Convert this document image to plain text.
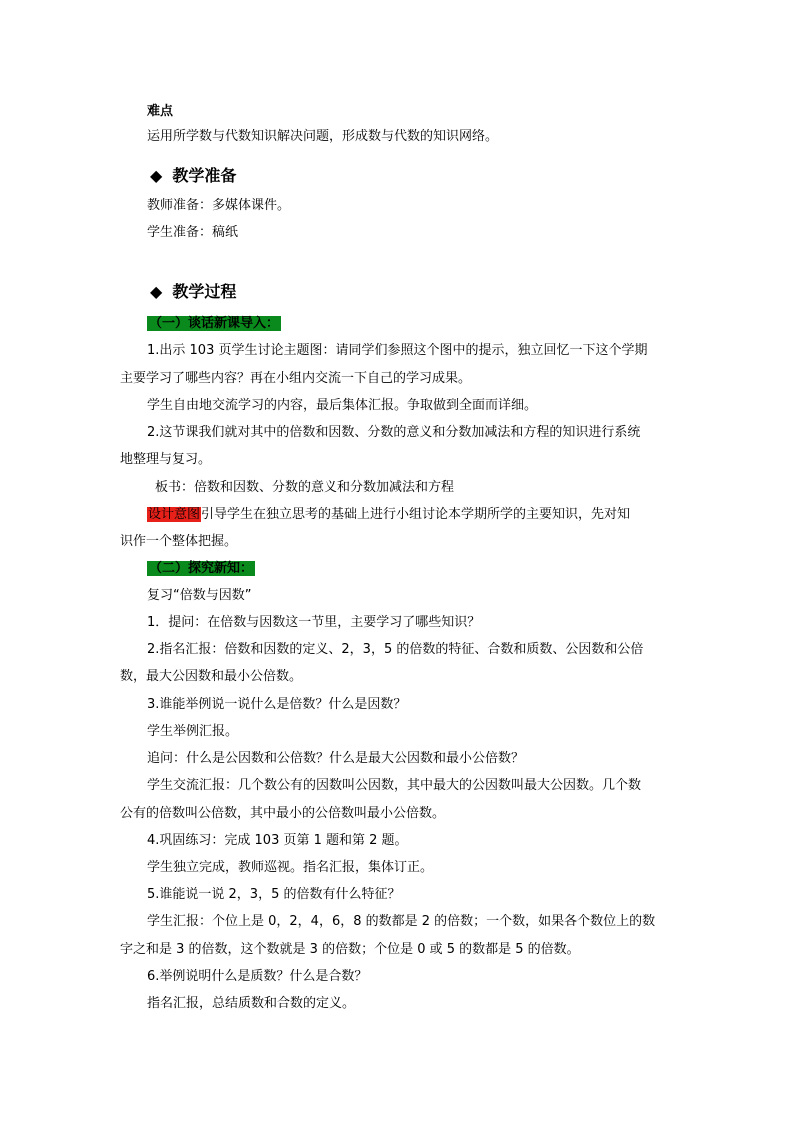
难点
运用所学数与代数知识解决问题，形成数与代数的知识网络。
◆ 教学准备
教师准备：多媒体课件。
学生准备：稿纸
◆ 教学过程
（一）谈话新课导入：
1.出示 103 页学生讨论主题图：请同学们参照这个图中的提示，独立回忆一下这个学期
主要学习了哪些内容？再在小组内交流一下自己的学习成果。
学生自由地交流学习的内容，最后集体汇报。争取做到全面而详细。
2.这节课我们就对其中的倍数和因数、分数的意义和分数加减法和方程的知识进行系统
地整理与复习。
板书：倍数和因数、分数的意义和分数加减法和方程
设计意图引导学生在独立思考的基础上进行小组讨论本学期所学的主要知识，先对知
识作一个整体把握。
（二）探究新知：
复习“倍数与因数”
1．提问：在倍数与因数这一节里，主要学习了哪些知识？
2.指名汇报：倍数和因数的定义、2，3，5 的倍数的特征、合数和质数、公因数和公倍
数，最大公因数和最小公倍数。
3.谁能举例说一说什么是倍数？什么是因数？
学生举例汇报。
追问：什么是公因数和公倍数？什么是最大公因数和最小公倍数？
学生交流汇报：几个数公有的因数叫公因数，其中最大的公因数叫最大公因数。几个数
公有的倍数叫公倍数，其中最小的公倍数叫最小公倍数。
4.巩固练习：完成 103 页第 1 题和第 2 题。
学生独立完成，教师巡视。指名汇报，集体订正。
5.谁能说一说 2，3，5 的倍数有什么特征？
学生汇报：个位上是 0，2，4，6，8 的数都是 2 的倍数；一个数，如果各个数位上的数
字之和是 3 的倍数，这个数就是 3 的倍数；个位是 0 或 5 的数都是 5 的倍数。
6.举例说明什么是质数？什么是合数？
指名汇报，总结质数和合数的定义。
